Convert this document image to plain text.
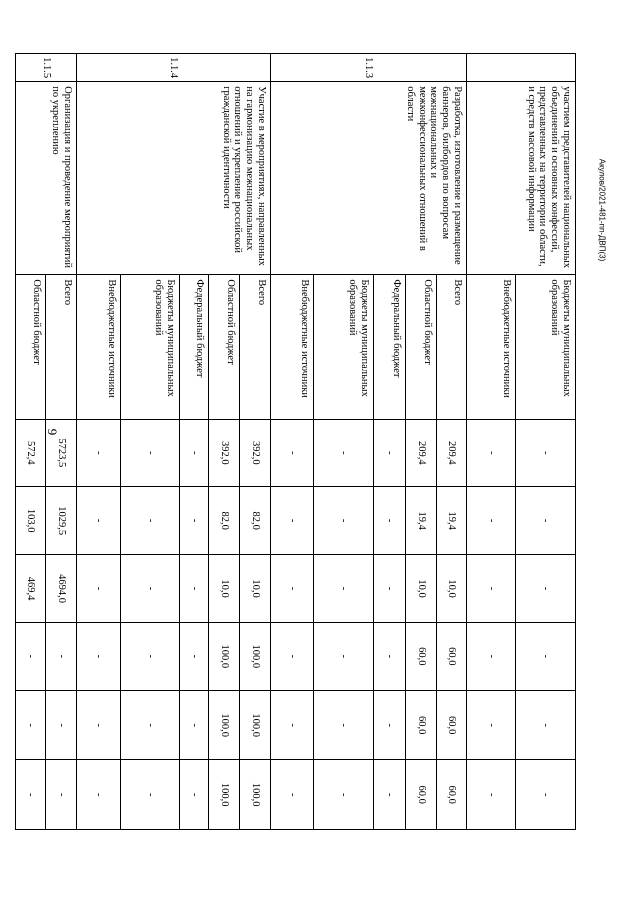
9
Акулов/2021-481-пп-ДВП(3)
	участием представителей национальных объединений и основных конфессий, представленных на территории области, и средств массовой информации	Бюджеты муниципальных образований	-	-	-	-	-	-
		Внебюджетные источники	-	-	-	-	-	-
1.1.3	Разработка, изготовление и размещение баннеров, билбордов по вопросам межнациональных и межконфессиональных отношений в области	Всего	209,4	19,4	10,0	60,0	60,0	60,0
		Областной бюджет	209,4	19,4	10,0	60,0	60,0	60,0
		Федеральный бюджет	-	-	-	-	-	-
		Бюджеты муниципальных образований	-	-	-	-	-	-
		Внебюджетные источники	-	-	-	-	-	-
1.1.4	Участие в мероприятиях, направленных на гармонизацию межнациональных отношений и укрепление российской гражданской идентичности	Всего	392,0	82,0	10,0	100,0	100,0	100,0
		Областной бюджет	392,0	82,0	10,0	100,0	100,0	100,0
		Федеральный бюджет	-	-	-	-	-	-
		Бюджеты муниципальных образований	-	-	-	-	-	-
		Внебюджетные источники	-	-	-	-	-	-
1.1.5	Организация и проведение мероприятий по укреплению	Всего	5723,5	1029,5	4694,0	-	-	-
		Областной бюджет	572,4	103,0	469,4	-	-	-
